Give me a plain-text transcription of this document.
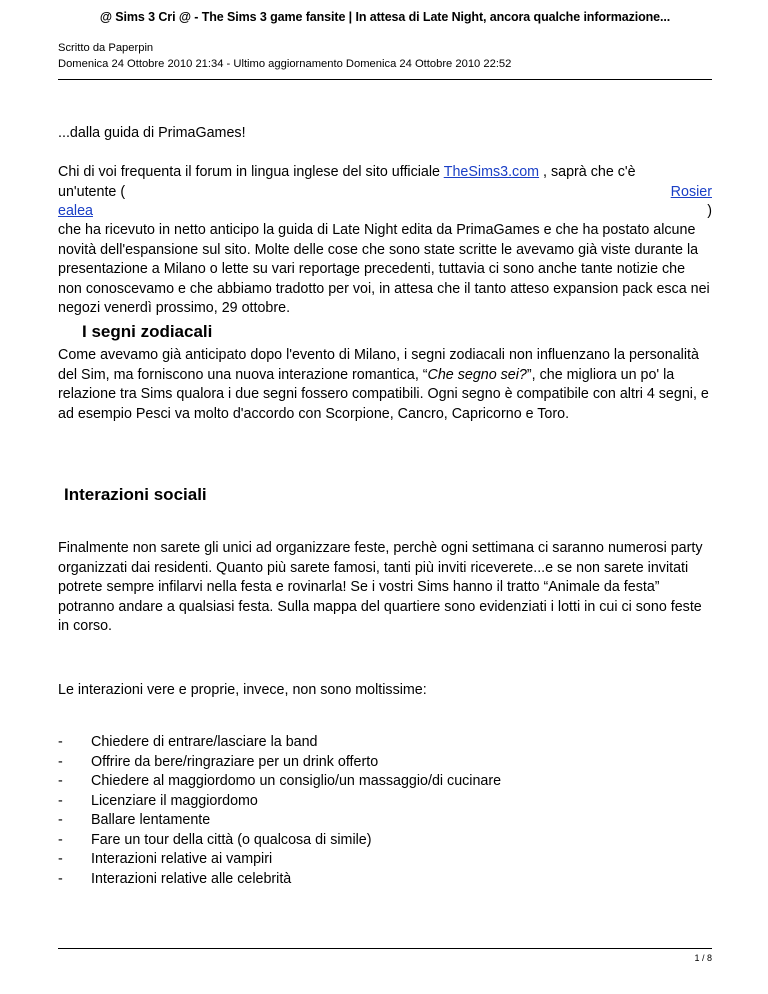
@ Sims 3 Cri @ - The Sims 3 game fansite | In attesa di Late Night, ancora qualche informazione...
Scritto da Paperpin
Domenica 24 Ottobre 2010 21:34 - Ultimo aggiornamento Domenica 24 Ottobre 2010 22:52

...dalla guida di PrimaGames!

Chi di voi frequenta il forum in lingua inglese del sito ufficiale TheSims3.com , saprà che c'è
un'utente (	Rosier
ealea	)

che ha ricevuto in netto anticipo la guida di Late Night edita da PrimaGames e che ha postato alcune novità dell'espansione sul sito. Molte delle cose che sono state scritte le avevamo già viste durante la presentazione a Milano o lette su vari reportage precedenti, tuttavia ci sono anche tante notizie che non conoscevamo e che abbiamo tradotto per voi, in attesa che il tanto atteso expansion pack esca nei negozi venerdì prossimo, 29 ottobre.

I segni zodiacali

Come avevamo già anticipato dopo l'evento di Milano, i segni zodiacali non influenzano la personalità del Sim, ma forniscono una nuova interazione romantica, “Che segno sei?”, che migliora un po' la relazione tra Sims qualora i due segni fossero compatibili. Ogni segno è compatibile con altri 4 segni, e ad esempio Pesci va molto d'accordo con Scorpione, Cancro, Capricorno e Toro.

Interazioni sociali

Finalmente non sarete gli unici ad organizzare feste, perchè ogni settimana ci saranno numerosi party organizzati dai residenti. Quanto più sarete famosi, tanti più inviti riceverete...e se non sarete invitati potrete sempre infilarvi nella festa e rovinarla! Se i vostri Sims hanno il tratto “Animale da festa” potranno andare a qualsiasi festa. Sulla mappa del quartiere sono evidenziati i lotti in cui ci sono feste in corso.

Le interazioni vere e proprie, invece, non sono moltissime:

- Chiedere di entrare/lasciare la band
- Offrire da bere/ringraziare per un drink offerto
- Chiedere al maggiordomo un consiglio/un massaggio/di cucinare
- Licenziare il maggiordomo
- Ballare lentamente
- Fare un tour della città (o qualcosa di simile)
- Interazioni relative ai vampiri
- Interazioni relative alle celebrità
1 / 8
